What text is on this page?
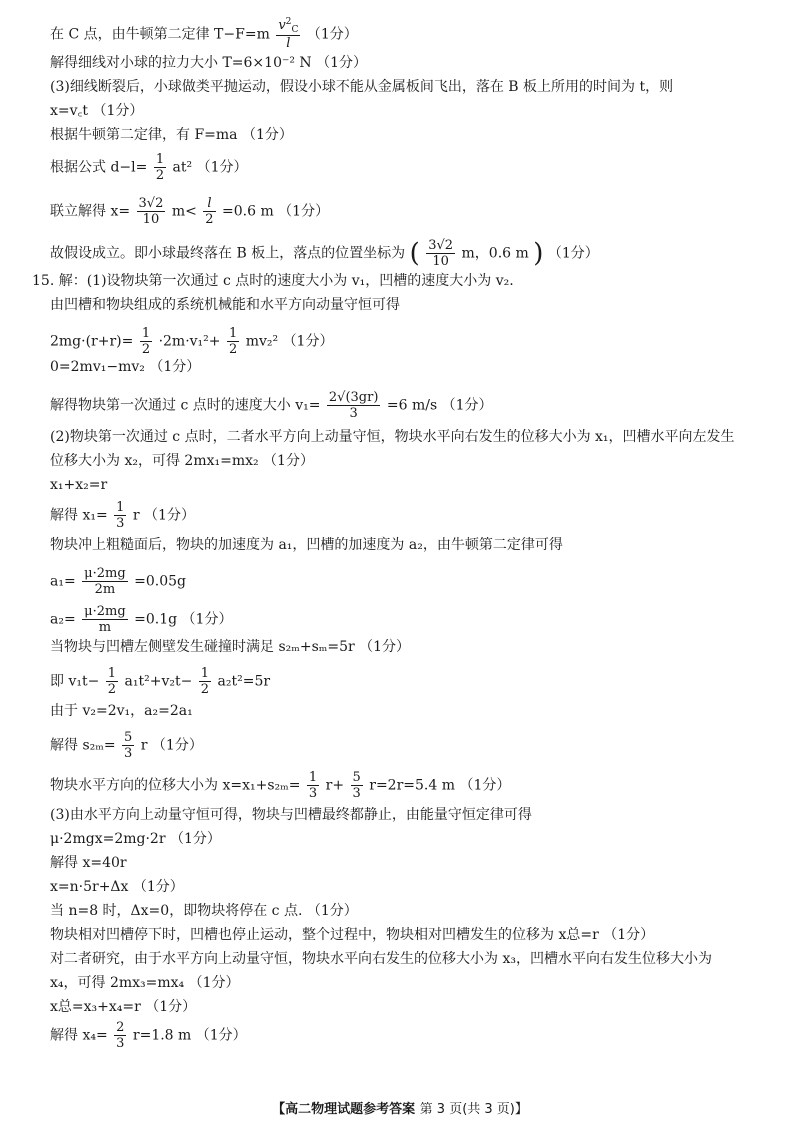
在 C 点，由牛顿第二定律 $T-F=m \frac{v^2_C}{l} (1$分）
解得细线对小球的拉力大小 T=6×10⁻² N （1分）
(3)细线断裂后，小球做类平抛运动，假设小球不能从金属板间飞出，落在 B 板上所用的时间为 t，则
x=v꜀t （1分）
根据牛顿第二定律，有 F=ma （1分）
根据公式 $d-l= \frac{1}{2} at^2$ （1分）
联立解得 $x= \frac{3√2}{10} m< \frac{l}{2} =0.6$ m （1分）
故假设成立。即小球最终落在 B 板上，落点的位置坐标为 ( $\frac{3√2}{10}$ m，0.6 m ) （1分）
15. 解：(1)设物块第一次通过 c 点时的速度大小为 v₁，凹槽的速度大小为 v₂.
由凹槽和物块组成的系统机械能和水平方向动量守恒可得
$2mg\cdot(r+r)= \frac{1}{2} \cdot 2m\cdot v_1^2+ \frac{1}{2} mv_2^2$ （1分）
0=2mv₁−mv₂ （1分）
解得物块第一次通过 c 点时的速度大小 $v_1= \frac{2√(3gr)}{3} =6$ m/s （1分）
(2)物块第一次通过 c 点时，二者水平方向上动量守恒，物块水平向右发生的位移大小为 x₁，凹槽水平向左发生
位移大小为 x₂，可得 2mx₁=mx₂ （1分）
x₁+x₂=r
解得 $x_1= \frac{1}{3}$ r （1分）
物块冲上粗糙面后，物块的加速度为 a₁，凹槽的加速度为 a₂，由牛顿第二定律可得
$a_1= \frac{\mu\cdot 2mg}{2m} =0.05g$
$a_2= \frac{\mu\cdot 2mg}{m} =0.1g$ （1分）
当物块与凹槽左侧壁发生碰撞时满足 s₂ₘ+sₘ=5r （1分）
即 $v_1t- \frac{1}{2} a_1t^2+v_2t- \frac{1}{2} a_2t^2=5r$
由于 v₂=2v₁，a₂=2a₁
解得 $s_{2m}= \frac{5}{3}$ r （1分）
物块水平方向的位移大小为 $x=x_1+s_{2m}= \frac{1}{3} r+ \frac{5}{3} r=2r=5.4$ m （1分）
(3)由水平方向上动量守恒可得，物块与凹槽最终都静止，由能量守恒定律可得
μ·2mgx=2mg·2r （1分）
解得 x=40r
x=n·5r+Δx （1分）
当 n=8 时，Δx=0，即物块将停在 c 点. （1分）
物块相对凹槽停下时，凹槽也停止运动，整个过程中，物块相对凹槽发生的位移为 x总=r （1分）
对二者研究，由于水平方向上动量守恒，物块水平向右发生的位移大小为 x₃，凹槽水平向右发生位移大小为
x₄，可得 2mx₃=mx₄ （1分）
x总=x₃+x₄=r （1分）
解得 $x_4= \frac{2}{3} r=1.8$ m （1分）
【高二物理试题参考答案 第 3 页(共 3 页)】
